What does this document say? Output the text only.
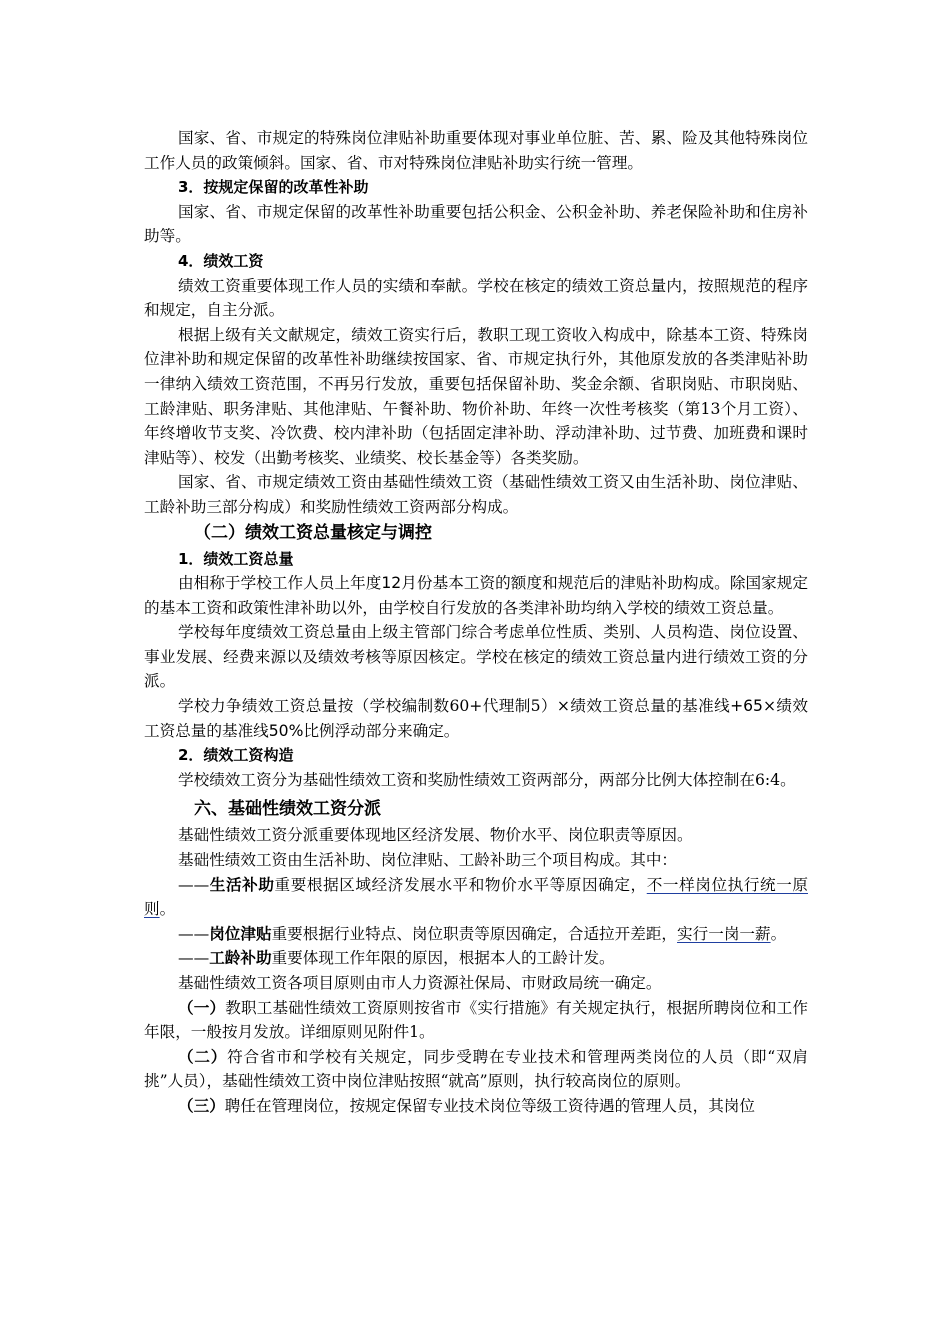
国家、省、市规定的特殊岗位津贴补助重要体现对事业单位脏、苦、累、险及其他特殊岗位工作人员的政策倾斜。国家、省、市对特殊岗位津贴补助实行统一管理。

3．按规定保留的改革性补助

国家、省、市规定保留的改革性补助重要包括公积金、公积金补助、养老保险补助和住房补助等。

4．绩效工资

绩效工资重要体现工作人员的实绩和奉献。学校在核定的绩效工资总量内，按照规范的程序和规定，自主分派。

根据上级有关文献规定，绩效工资实行后，教职工现工资收入构成中，除基本工资、特殊岗位津补助和规定保留的改革性补助继续按国家、省、市规定执行外，其他原发放的各类津贴补助一律纳入绩效工资范围，不再另行发放，重要包括保留补助、奖金余额、省职岗贴、市职岗贴、工龄津贴、职务津贴、其他津贴、午餐补助、物价补助、年终一次性考核奖（第13个月工资）、年终增收节支奖、冷饮费、校内津补助（包括固定津补助、浮动津补助、过节费、加班费和课时津贴等）、校发（出勤考核奖、业绩奖、校长基金等）各类奖励。

国家、省、市规定绩效工资由基础性绩效工资（基础性绩效工资又由生活补助、岗位津贴、工龄补助三部分构成）和奖励性绩效工资两部分构成。

（二）绩效工资总量核定与调控

1．绩效工资总量

由相称于学校工作人员上年度12月份基本工资的额度和规范后的津贴补助构成。除国家规定的基本工资和政策性津补助以外，由学校自行发放的各类津补助均纳入学校的绩效工资总量。

学校每年度绩效工资总量由上级主管部门综合考虑单位性质、类别、人员构造、岗位设置、事业发展、经费来源以及绩效考核等原因核定。学校在核定的绩效工资总量内进行绩效工资的分派。

学校力争绩效工资总量按（学校编制数60+代理制5）×绩效工资总量的基准线+65×绩效工资总量的基准线50%比例浮动部分来确定。

2．绩效工资构造

学校绩效工资分为基础性绩效工资和奖励性绩效工资两部分，两部分比例大体控制在6:4。

六、基础性绩效工资分派

基础性绩效工资分派重要体现地区经济发展、物价水平、岗位职责等原因。

基础性绩效工资由生活补助、岗位津贴、工龄补助三个项目构成。其中：

——生活补助重要根据区域经济发展水平和物价水平等原因确定，不一样岗位执行统一原则。

——岗位津贴重要根据行业特点、岗位职责等原因确定，合适拉开差距，实行一岗一薪。

——工龄补助重要体现工作年限的原因，根据本人的工龄计发。

基础性绩效工资各项目原则由市人力资源社保局、市财政局统一确定。

（一）教职工基础性绩效工资原则按省市《实行措施》有关规定执行，根据所聘岗位和工作年限，一般按月发放。详细原则见附件1。

（二）符合省市和学校有关规定，同步受聘在专业技术和管理两类岗位的人员（即“双肩挑”人员），基础性绩效工资中岗位津贴按照“就高”原则，执行较高岗位的原则。

（三）聘任在管理岗位，按规定保留专业技术岗位等级工资待遇的管理人员，其岗位
